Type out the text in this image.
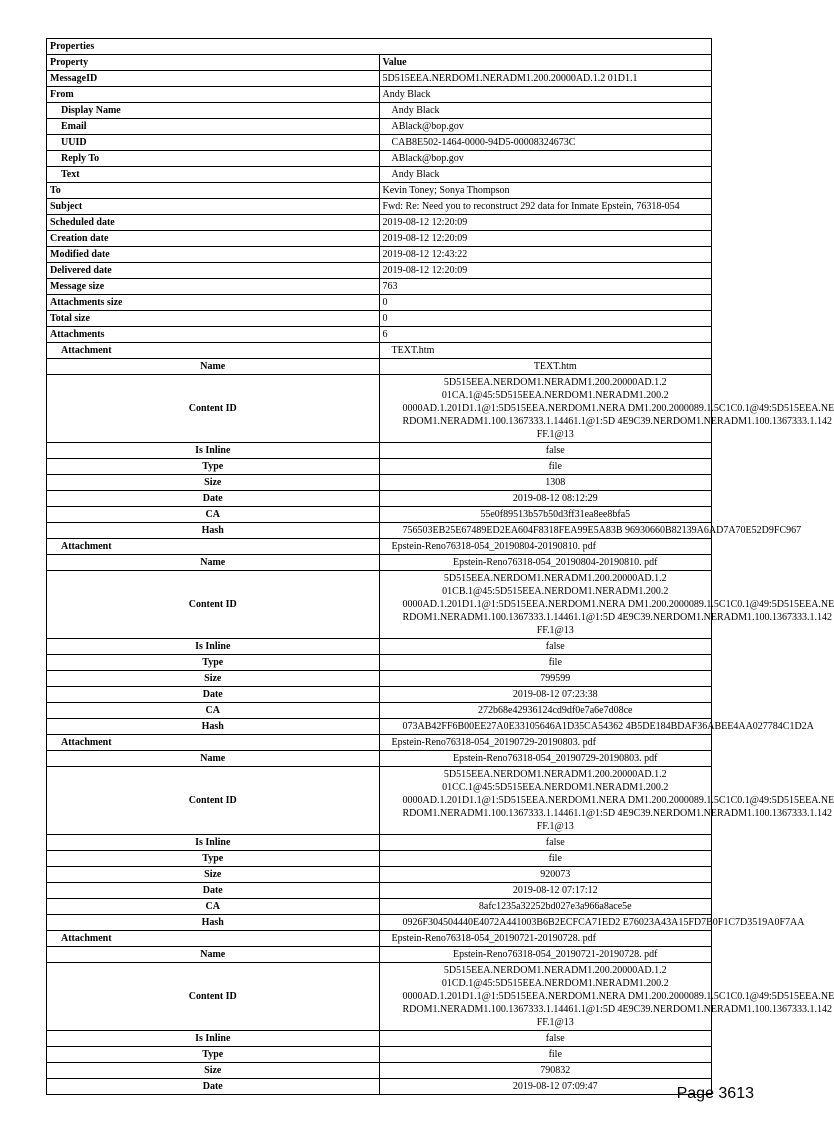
Properties	
Property	Value
MessageID	5D515EEA.NERDOM1.NERADM1.200.20000AD.1.2 01D1.1

From	Andy Black

Display Name	Andy Black

Email	ABlack@bop.gov

UUID	CAB8E502-1464-0000-94D5-00008324673C

Reply To	ABlack@bop.gov

Text	Andy Black

To	Kevin Toney; Sonya Thompson

Subject	Fwd: Re: Need you to reconstruct 292 data for Inmate Epstein, 76318-054

Scheduled date	2019-08-12 12:20:09

Creation date	2019-08-12 12:20:09

Modified date	2019-08-12 12:43:22

Delivered date	2019-08-12 12:20:09

Message size	763

Attachments size	0

Total size	0

Attachments	6

Attachment	TEXT.htm

Name	TEXT.htm

Content ID	5D515EEA.NERDOM1.NERADM1.200.20000AD.1.2
01CA.1@45:5D515EEA.NERDOM1.NERADM1.200.2
0000AD.1.201D1.1@1:5D515EEA.NERDOM1.NERA DM1.200.2000089.1.5C1C0.1@49:5D515EEA.NE
RDOM1.NERADM1.100.1367333.1.14461.1@1:5D 4E9C39.NERDOM1.NERADM1.100.1367333.1.142
FF.1@13

Is Inline	false

Type	file

Size	1308

Date	2019-08-12 08:12:29

CA	55e0f89513b57b50d3ff31ea8ee8bfa5

Hash	756503EB25E67489ED2EA604F8318FEA99E5A83B 96930660B82139A6AD7A70E52D9FC967

Attachment	Epstein-Reno76318-054_20190804-20190810. pdf

Name	Epstein-Reno76318-054_20190804-20190810. pdf

Content ID	5D515EEA.NERDOM1.NERADM1.200.20000AD.1.2
01CB.1@45:5D515EEA.NERDOM1.NERADM1.200.2
0000AD.1.201D1.1@1:5D515EEA.NERDOM1.NERA DM1.200.2000089.1.5C1C0.1@49:5D515EEA.NE
RDOM1.NERADM1.100.1367333.1.14461.1@1:5D 4E9C39.NERDOM1.NERADM1.100.1367333.1.142
FF.1@13

Is Inline	false

Type	file

Size	799599

Date	2019-08-12 07:23:38

CA	272b68e42936124cd9df0e7a6e7d08ce

Hash	073AB42FF6B00EE27A0E33105646A1D35CA54362 4B5DE184BDAF36ABEE4AA027784C1D2A

Attachment	Epstein-Reno76318-054_20190729-20190803. pdf

Name	Epstein-Reno76318-054_20190729-20190803. pdf

Content ID	5D515EEA.NERDOM1.NERADM1.200.20000AD.1.2
01CC.1@45:5D515EEA.NERDOM1.NERADM1.200.2
0000AD.1.201D1.1@1:5D515EEA.NERDOM1.NERA DM1.200.2000089.1.5C1C0.1@49:5D515EEA.NE
RDOM1.NERADM1.100.1367333.1.14461.1@1:5D 4E9C39.NERDOM1.NERADM1.100.1367333.1.142
FF.1@13

Is Inline	false

Type	file

Size	920073

Date	2019-08-12 07:17:12

CA	8afc1235a32252bd027e3a966a8ace5e

Hash	0926F304504440E4072A441003B6B2ECFCA71ED2 E76023A43A15FD7B0F1C7D3519A0F7AA

Attachment	Epstein-Reno76318-054_20190721-20190728. pdf

Name	Epstein-Reno76318-054_20190721-20190728. pdf

Content ID	5D515EEA.NERDOM1.NERADM1.200.20000AD.1.2
01CD.1@45:5D515EEA.NERDOM1.NERADM1.200.2
0000AD.1.201D1.1@1:5D515EEA.NERDOM1.NERA DM1.200.2000089.1.5C1C0.1@49:5D515EEA.NE
RDOM1.NERADM1.100.1367333.1.14461.1@1:5D 4E9C39.NERDOM1.NERADM1.100.1367333.1.142
FF.1@13

Is Inline	false

Type	file

Size	790832

Date	2019-08-12 07:09:47	Page 3613
